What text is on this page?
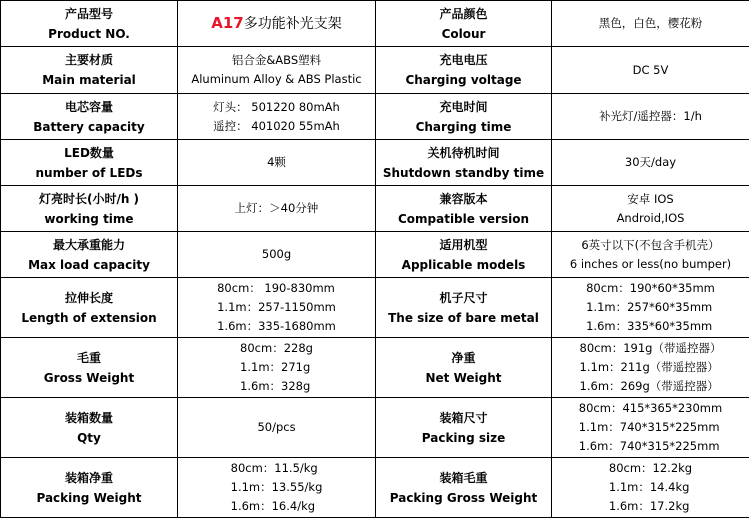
产品型号
Product NO.	A17多功能补光支架	产品颜色
Colour	黑色，白色，樱花粉

主要材质
Main material	铝合金&ABS塑料
Aluminum Alloy & ABS Plastic	充电电压
Charging voltage	DC 5V

电芯容量
Battery capacity	灯头： 501220 80mAh
遥控： 401020 55mAh	充电时间
Charging time	补光灯/遥控器：1/h

LED数量
number of LEDs	4颗	关机待机时间
Shutdown standby time	30天/day

灯亮时长(小时/h )
working time	上灯：＞40分钟	兼容版本
Compatible version	安卓 IOS
Android,IOS

最大承重能力
Max load capacity	500g	适用机型
Applicable models	6英寸以下(不包含手机壳）
6 inches or less(no bumper)

拉伸长度
Length of extension	80cm： 190-830mm
1.1m：257-1150mm
1.6m：335-1680mm	机子尺寸
The size of bare metal	80cm：190*60*35mm
1.1m：257*60*35mm
1.6m：335*60*35mm

毛重
Gross Weight	80cm：228g
1.1m：271g
1.6m：328g	净重
Net Weight	80cm：191g（带遥控器）
1.1m：211g（带遥控器）
1.6m：269g（带遥控器）

装箱数量
Qty	50/pcs	装箱尺寸
Packing size	80cm：415*365*230mm
1.1m：740*315*225mm
1.6m：740*315*225mm

装箱净重
Packing Weight	80cm：11.5/kg
1.1m：13.55/kg
1.6m：16.4/kg	装箱毛重
Packing Gross Weight	80cm：12.2kg
1.1m：14.4kg
1.6m：17.2kg
